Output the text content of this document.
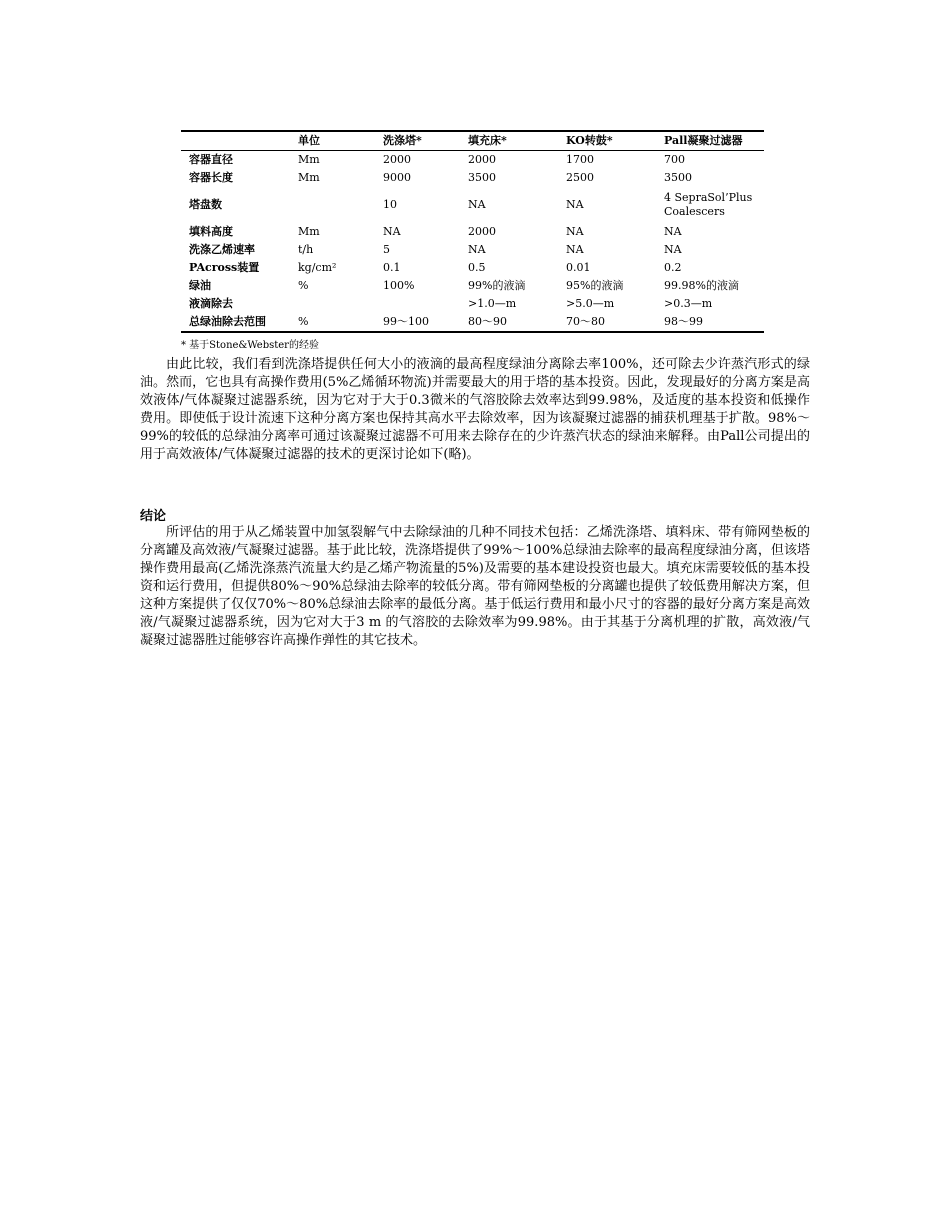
	单位	洗涤塔*	填充床*	KO转鼓*	Pall凝聚过滤器
容器直径	Mm	2000	2000	1700	700
容器长度	Mm	9000	3500	2500	3500
塔盘数		10	NA	NA	4 SepraSol’Plus Coalescers
填料高度	Mm	NA	2000	NA	NA
洗涤乙烯速率	t/h	5	NA	NA	NA
PAcross装置	kg/cm²	0.1	0.5	0.01	0.2
绿油	%	100%	99%的液滴	95%的液滴	99.98%的液滴
液滴除去			>1.0—m	>5.0—m	>0.3—m
总绿油除去范围	%	99～100	80～90	70～80	98～99
* 基于Stone&Webster的经验

由此比较，我们看到洗涤塔提供任何大小的液滴的最高程度绿油分离除去率100%，还可除去少许蒸汽形式的绿油。然而，它也具有高操作费用(5%乙烯循环物流)并需要最大的用于塔的基本投资。因此，发现最好的分离方案是高效液体/气体凝聚过滤器系统，因为它对于大于0.3微米的气溶胶除去效率达到99.98%，及适度的基本投资和低操作费用。即使低于设计流速下这种分离方案也保持其高水平去除效率，因为该凝聚过滤器的捕获机理基于扩散。98%～99%的较低的总绿油分离率可通过该凝聚过滤器不可用来去除存在的少许蒸汽状态的绿油来解释。由Pall公司提出的用于高效液体/气体凝聚过滤器的技术的更深讨论如下(略)。

结论

所评估的用于从乙烯装置中加氢裂解气中去除绿油的几种不同技术包括：乙烯洗涤塔、填料床、带有筛网垫板的分离罐及高效液/气凝聚过滤器。基于此比较，洗涤塔提供了99%～100%总绿油去除率的最高程度绿油分离，但该塔操作费用最高(乙烯洗涤蒸汽流量大约是乙烯产物流量的5%)及需要的基本建设投资也最大。填充床需要较低的基本投资和运行费用，但提供80%～90%总绿油去除率的较低分离。带有筛网垫板的分离罐也提供了较低费用解决方案，但这种方案提供了仅仅70%～80%总绿油去除率的最低分离。基于低运行费用和最小尺寸的容器的最好分离方案是高效液/气凝聚过滤器系统，因为它对大于3 m 的气溶胶的去除效率为99.98%。由于其基于分离机理的扩散，高效液/气凝聚过滤器胜过能够容许高操作弹性的其它技术。
